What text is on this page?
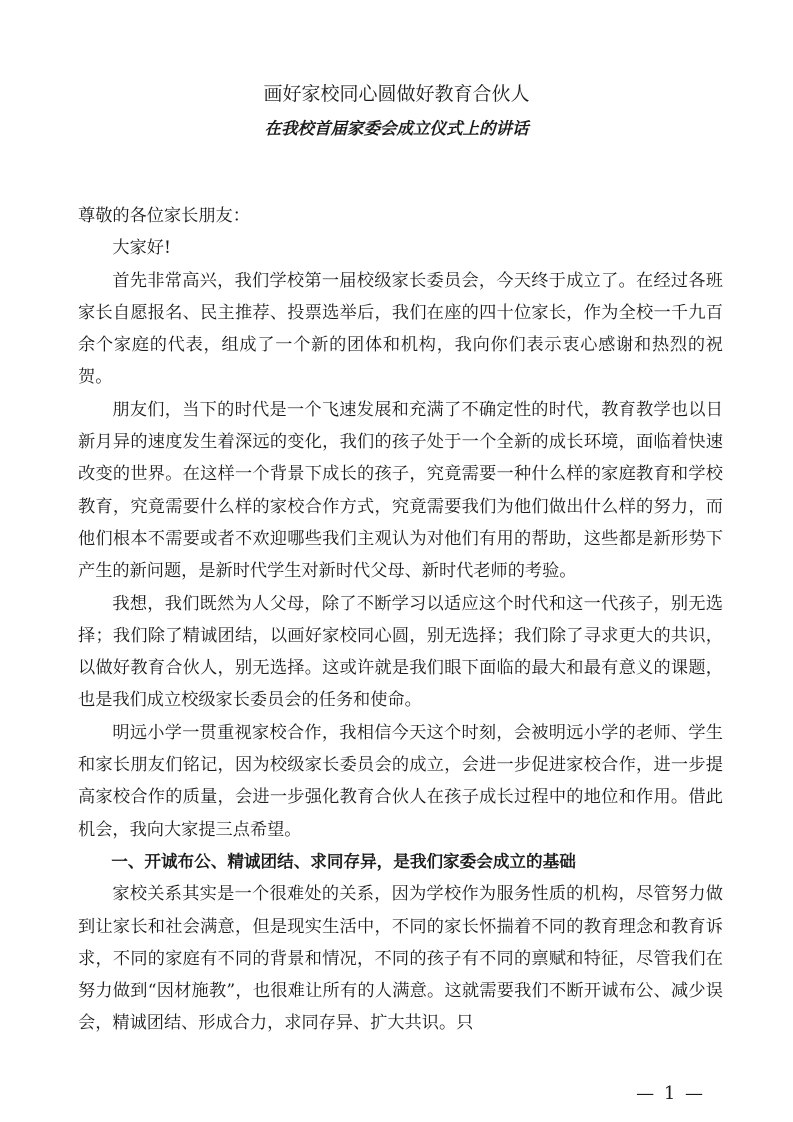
画好家校同心圆做好教育合伙人
在我校首届家委会成立仪式上的讲话

尊敬的各位家长朋友：

大家好!

首先非常高兴，我们学校第一届校级家长委员会，今天终于成立了。在经过各班家长自愿报名、民主推荐、投票选举后，我们在座的四十位家长，作为全校一千九百余个家庭的代表，组成了一个新的团体和机构，我向你们表示衷心感谢和热烈的祝贺。

朋友们，当下的时代是一个飞速发展和充满了不确定性的时代，教育教学也以日新月异的速度发生着深远的变化，我们的孩子处于一个全新的成长环境，面临着快速改变的世界。在这样一个背景下成长的孩子，究竟需要一种什么样的家庭教育和学校教育，究竟需要什么样的家校合作方式，究竟需要我们为他们做出什么样的努力，而他们根本不需要或者不欢迎哪些我们主观认为对他们有用的帮助，这些都是新形势下产生的新问题，是新时代学生对新时代父母、新时代老师的考验。

我想，我们既然为人父母，除了不断学习以适应这个时代和这一代孩子，别无选择；我们除了精诚团结，以画好家校同心圆，别无选择；我们除了寻求更大的共识，以做好教育合伙人，别无选择。这或许就是我们眼下面临的最大和最有意义的课题，也是我们成立校级家长委员会的任务和使命。

明远小学一贯重视家校合作，我相信今天这个时刻，会被明远小学的老师、学生和家长朋友们铭记，因为校级家长委员会的成立，会进一步促进家校合作，进一步提高家校合作的质量，会进一步强化教育合伙人在孩子成长过程中的地位和作用。借此机会，我向大家提三点希望。

一、开诚布公、精诚团结、求同存异，是我们家委会成立的基础

家校关系其实是一个很难处的关系，因为学校作为服务性质的机构，尽管努力做到让家长和社会满意，但是现实生活中，不同的家长怀揣着不同的教育理念和教育诉求，不同的家庭有不同的背景和情况，不同的孩子有不同的禀赋和特征，尽管我们在努力做到“因材施教”，也很难让所有的人满意。这就需要我们不断开诚布公、减少误会，精诚团结、形成合力，求同存异、扩大共识。只

— 1 —
